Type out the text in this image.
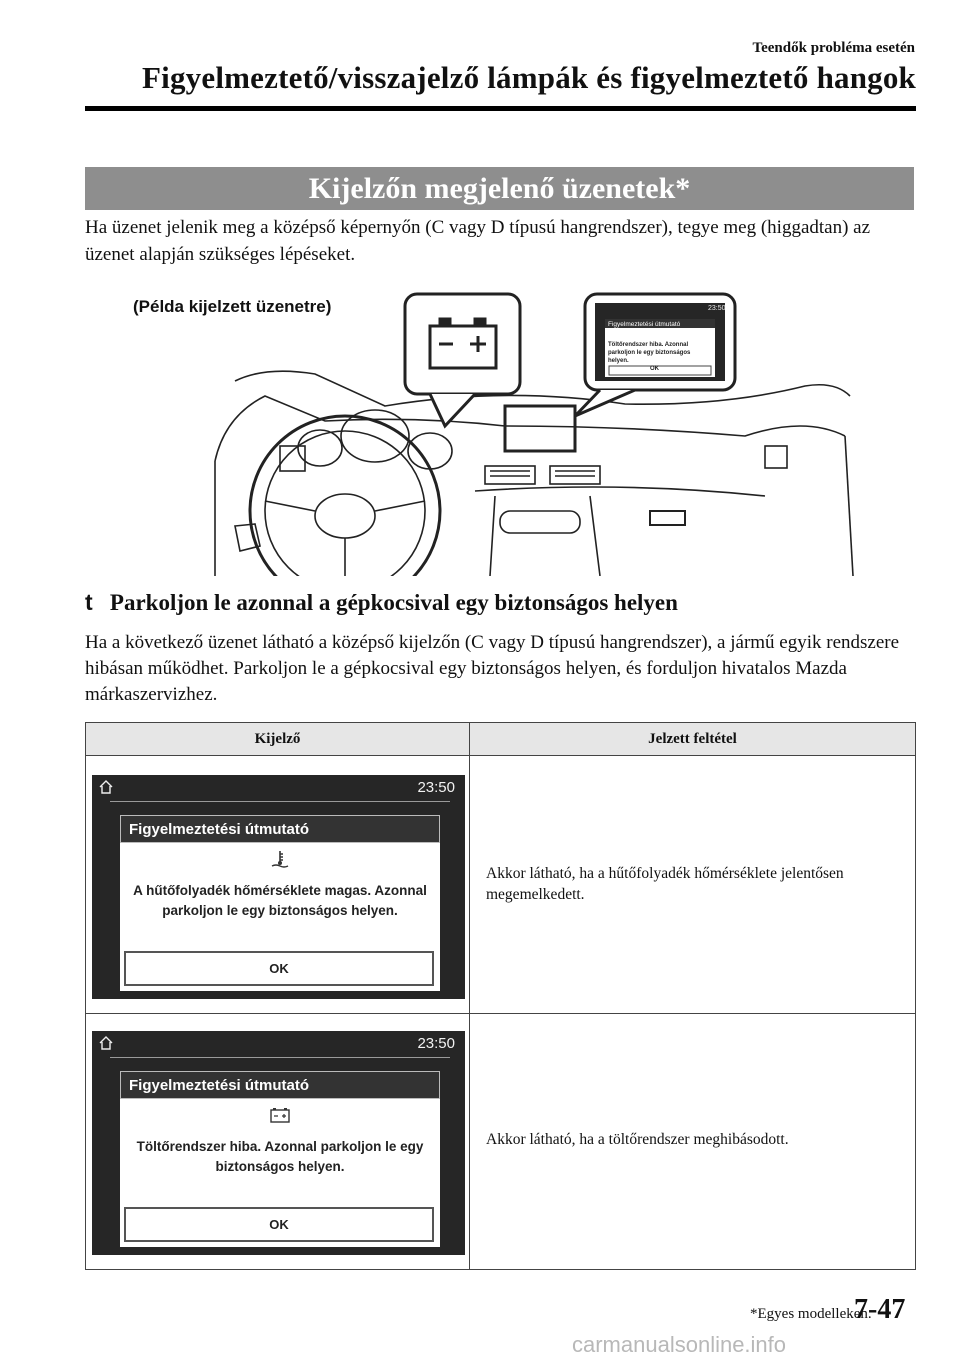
Teendők probléma esetén
Figyelmeztető/visszajelző lámpák és figyelmeztető hangok
Kijelzőn megjelenő üzenetek*
Ha üzenet jelenik meg a középső képernyőn (C vagy D típusú hangrendszer), tegye meg (higgadtan) az üzenet alapján szükséges lépéseket.
(Példa kijelzett üzenetre)	23:50
Figyelmeztetési útmutató
Töltőrendszer hiba. Azonnal parkoljon le egy biztonságos helyen.
OK
t Parkoljon le azonnal a gépkocsival egy biztonságos helyen
Ha a következő üzenet látható a középső kijelzőn (C vagy D típusú hangrendszer), a jármű egyik rendszere hibásan működhet. Parkoljon le a gépkocsival egy biztonságos helyen, és forduljon hivatalos Mazda márkaszervizhez.
Kijelző	Jelzett feltétel
23:50
Figyelmeztetési útmutató
A hűtőfolyadék hőmérséklete magas. Azonnal parkoljon le egy biztonságos helyen.
OK
Akkor látható, ha a hűtőfolyadék hőmérséklete jelentősen megemelkedett.
23:50
Figyelmeztetési útmutató
Töltőrendszer hiba. Azonnal parkoljon le egy biztonságos helyen.
OK
Akkor látható, ha a töltőrendszer meghibásodott.
*Egyes modelleken.
7-47
carmanualsonline.info
